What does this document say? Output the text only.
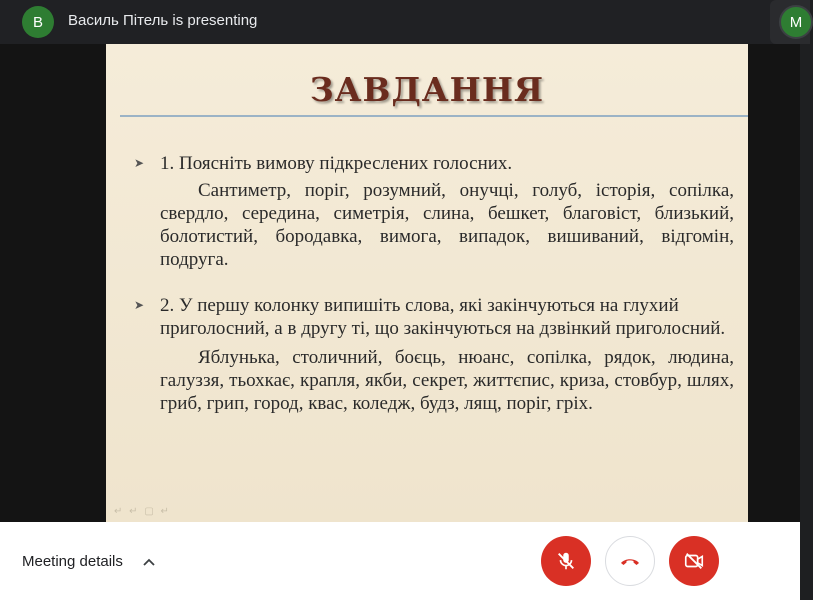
В	Василь Пітель is presenting	M
ЗАВДАННЯ
➤ 1. Поясніть вимову підкреслених голосних.
Сантиметр, поріг, розумний, онучці, голуб, історія, сопілка, свердло, середина, симетрія, слина, бешкет, благовіст, близький, болотистий, бородавка, вимога, випадок, вишиваний, відгомін, подруга.
➤ 2. У першу колонку випишіть слова, які закінчуються на глухий приголосний, а в другу ті, що закінчуються на дзвінкий приголосний.
Яблунька, столичний, боєць, нюанс, сопілка, рядок, людина, галуззя, тьохкає, крапля, якби, секрет, життєпис, криза, стовбур, шлях, гриб, грип, город, квас, коледж, будз, лящ, поріг, гріх.
↵ ↵ ▢ ↵
Meeting details
